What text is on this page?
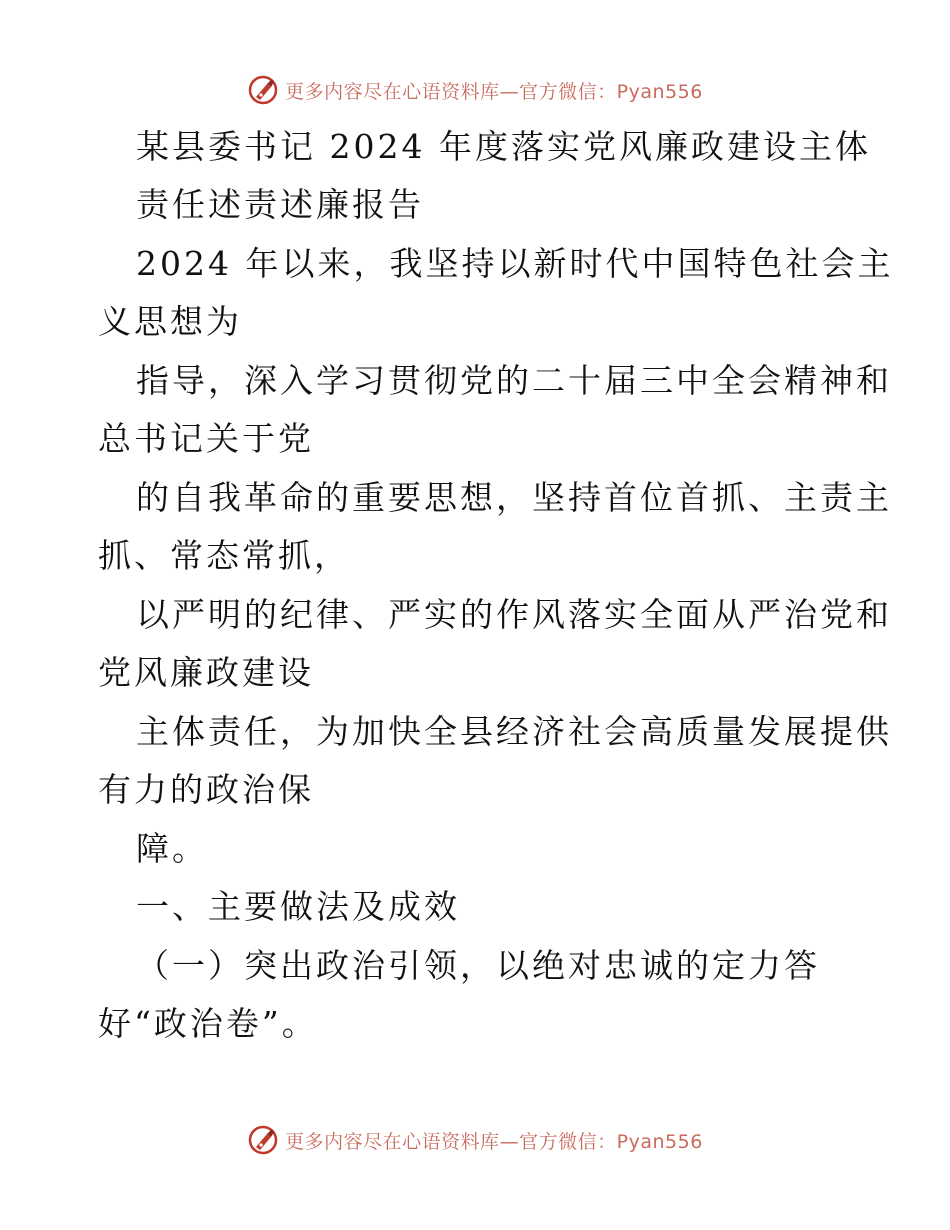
更多内容尽在心语资料库—官方微信：Pyan556
某县委书记 2024 年度落实党风廉政建设主体
责任述责述廉报告
2024 年以来，我坚持以新时代中国特色社会主
义思想为
指导，深入学习贯彻党的二十届三中全会精神和
总书记关于党
的自我革命的重要思想，坚持首位首抓、主责主
抓、常态常抓，
以严明的纪律、严实的作风落实全面从严治党和
党风廉政建设
主体责任，为加快全县经济社会高质量发展提供
有力的政治保
障。
一、主要做法及成效
（一）突出政治引领，以绝对忠诚的定力答
好“政治卷”。
更多内容尽在心语资料库—官方微信：Pyan556
